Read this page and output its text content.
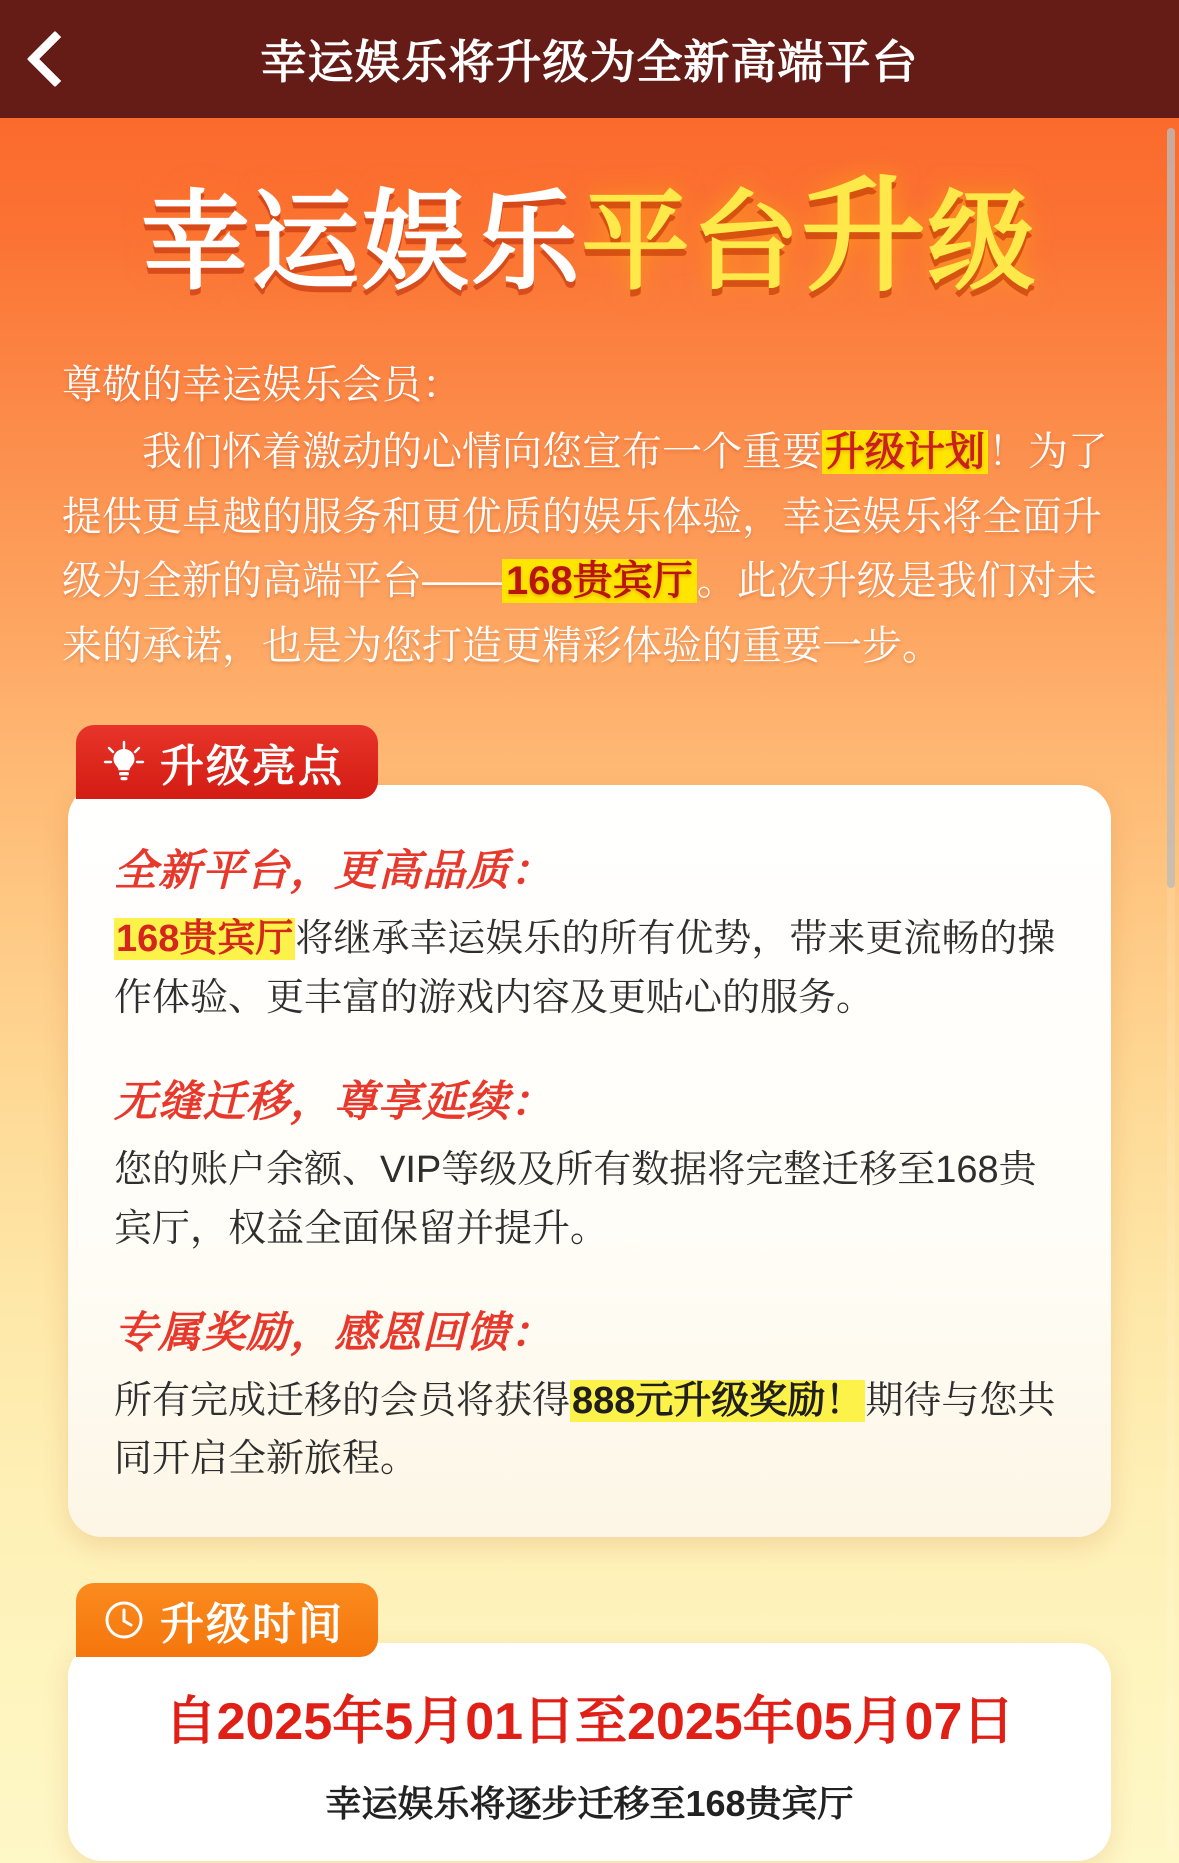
幸运娱乐将升级为全新高端平台
幸运娱乐平台升级

尊敬的幸运娱乐会员：

我们怀着激动的心情向您宣布一个重要升级计划！为了提供更卓越的服务和更优质的娱乐体验，幸运娱乐将全面升级为全新的高端平台—— 168贵宾厅 。此次升级是我们对未来的承诺，也是为您打造更精彩体验的重要一步。

升级亮点
全新平台，更高品质：
168贵宾厅将继承幸运娱乐的所有优势，带来更流畅的操作体验、更丰富的游戏内容及更贴心的服务。
无缝迁移，尊享延续：
您的账户余额、VIP等级及所有数据将完整迁移至168贵宾厅，权益全面保留并提升。
专属奖励，感恩回馈：
所有完成迁移的会员将获得888元升级奖励！期待与您共同开启全新旅程。
升级时间
自2025年5月01日至2025年05月07日
幸运娱乐将逐步迁移至168贵宾厅
